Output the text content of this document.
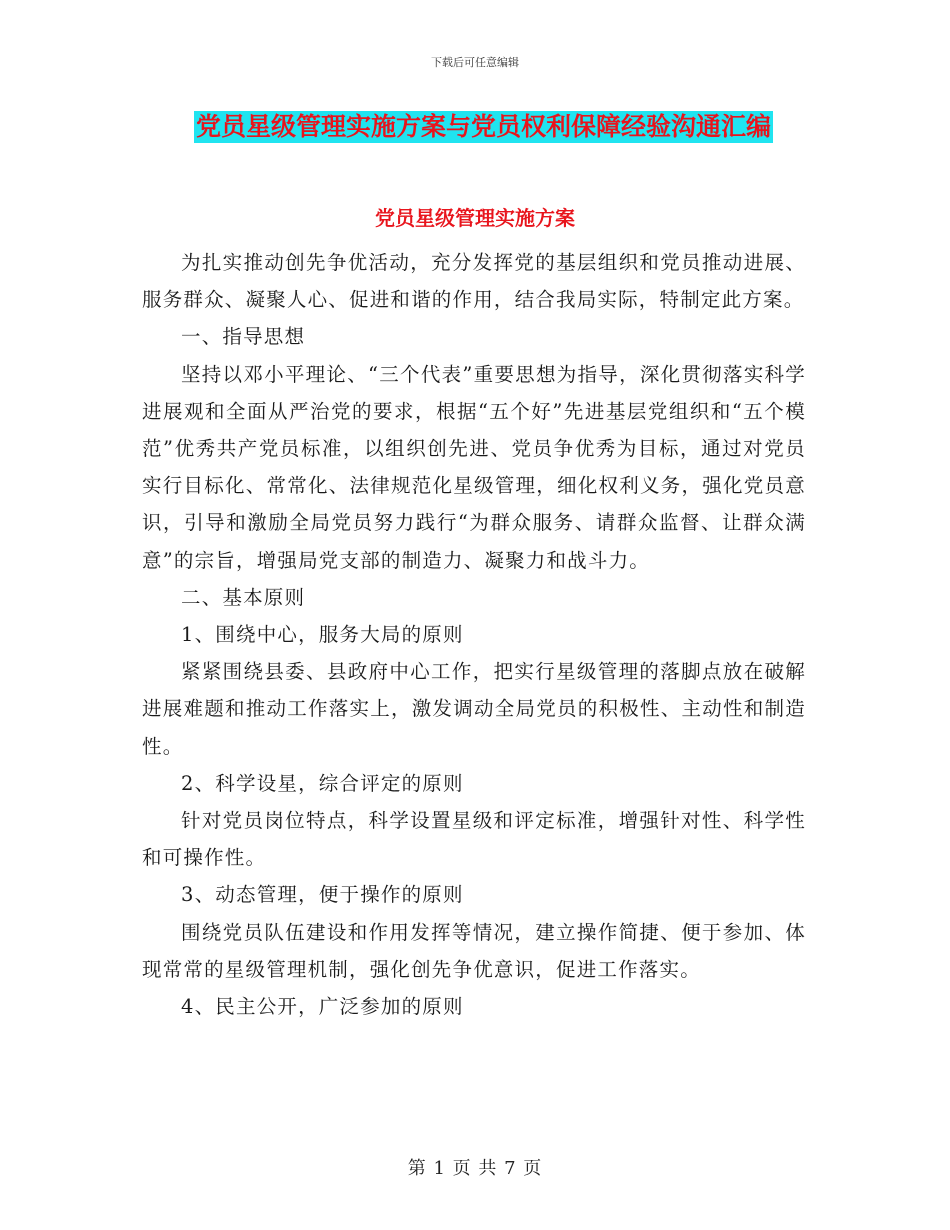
下载后可任意编辑
党员星级管理实施方案与党员权利保障经验沟通汇编
党员星级管理实施方案

为扎实推动创先争优活动，充分发挥党的基层组织和党员推动进展、服务群众、凝聚人心、促进和谐的作用，结合我局实际，特制定此方案。

一、指导思想

坚持以邓小平理论、“三个代表”重要思想为指导，深化贯彻落实科学进展观和全面从严治党的要求，根据“五个好”先进基层党组织和“五个模范”优秀共产党员标准，以组织创先进、党员争优秀为目标，通过对党员实行目标化、常常化、法律规范化星级管理，细化权利义务，强化党员意识，引导和激励全局党员努力践行“为群众服务、请群众监督、让群众满意”的宗旨，增强局党支部的制造力、凝聚力和战斗力。

二、基本原则

1、围绕中心，服务大局的原则

紧紧围绕县委、县政府中心工作，把实行星级管理的落脚点放在破解进展难题和推动工作落实上，激发调动全局党员的积极性、主动性和制造性。

2、科学设星，综合评定的原则

针对党员岗位特点，科学设置星级和评定标准，增强针对性、科学性和可操作性。

3、动态管理，便于操作的原则

围绕党员队伍建设和作用发挥等情况，建立操作简捷、便于参加、体现常常的星级管理机制，强化创先争优意识，促进工作落实。

4、民主公开，广泛参加的原则

第 1 页 共 7 页
